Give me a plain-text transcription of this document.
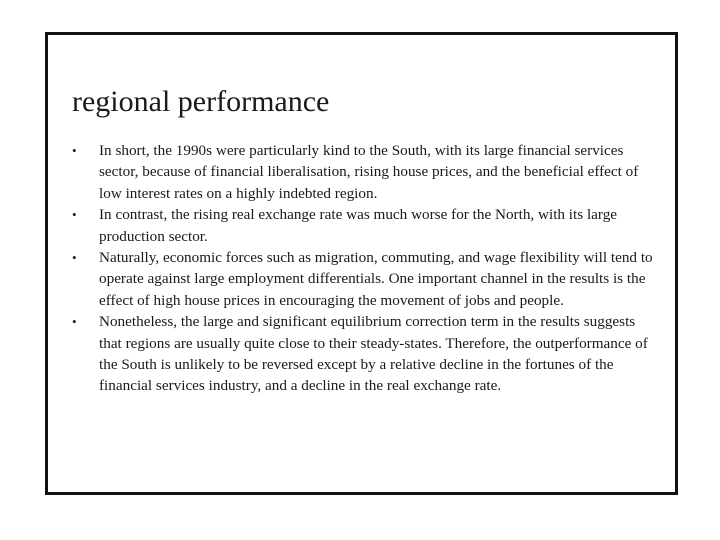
regional performance
• In short, the 1990s were particularly kind to the South, with its large financial services sector, because of financial liberalisation, rising house prices, and the beneficial effect of low interest rates on a highly indebted region.
• In contrast, the rising real exchange rate was much worse for the North, with its large production sector.
• Naturally, economic forces such as migration, commuting, and wage flexibility will tend to operate against large employment differentials. One important channel in the results is the effect of high house prices in encouraging the movement of jobs and people.
• Nonetheless, the large and significant equilibrium correction term in the results suggests that regions are usually quite close to their steady-states. Therefore, the outperformance of the South is unlikely to be reversed except by a relative decline in the fortunes of the financial services industry, and a decline in the real exchange rate.
